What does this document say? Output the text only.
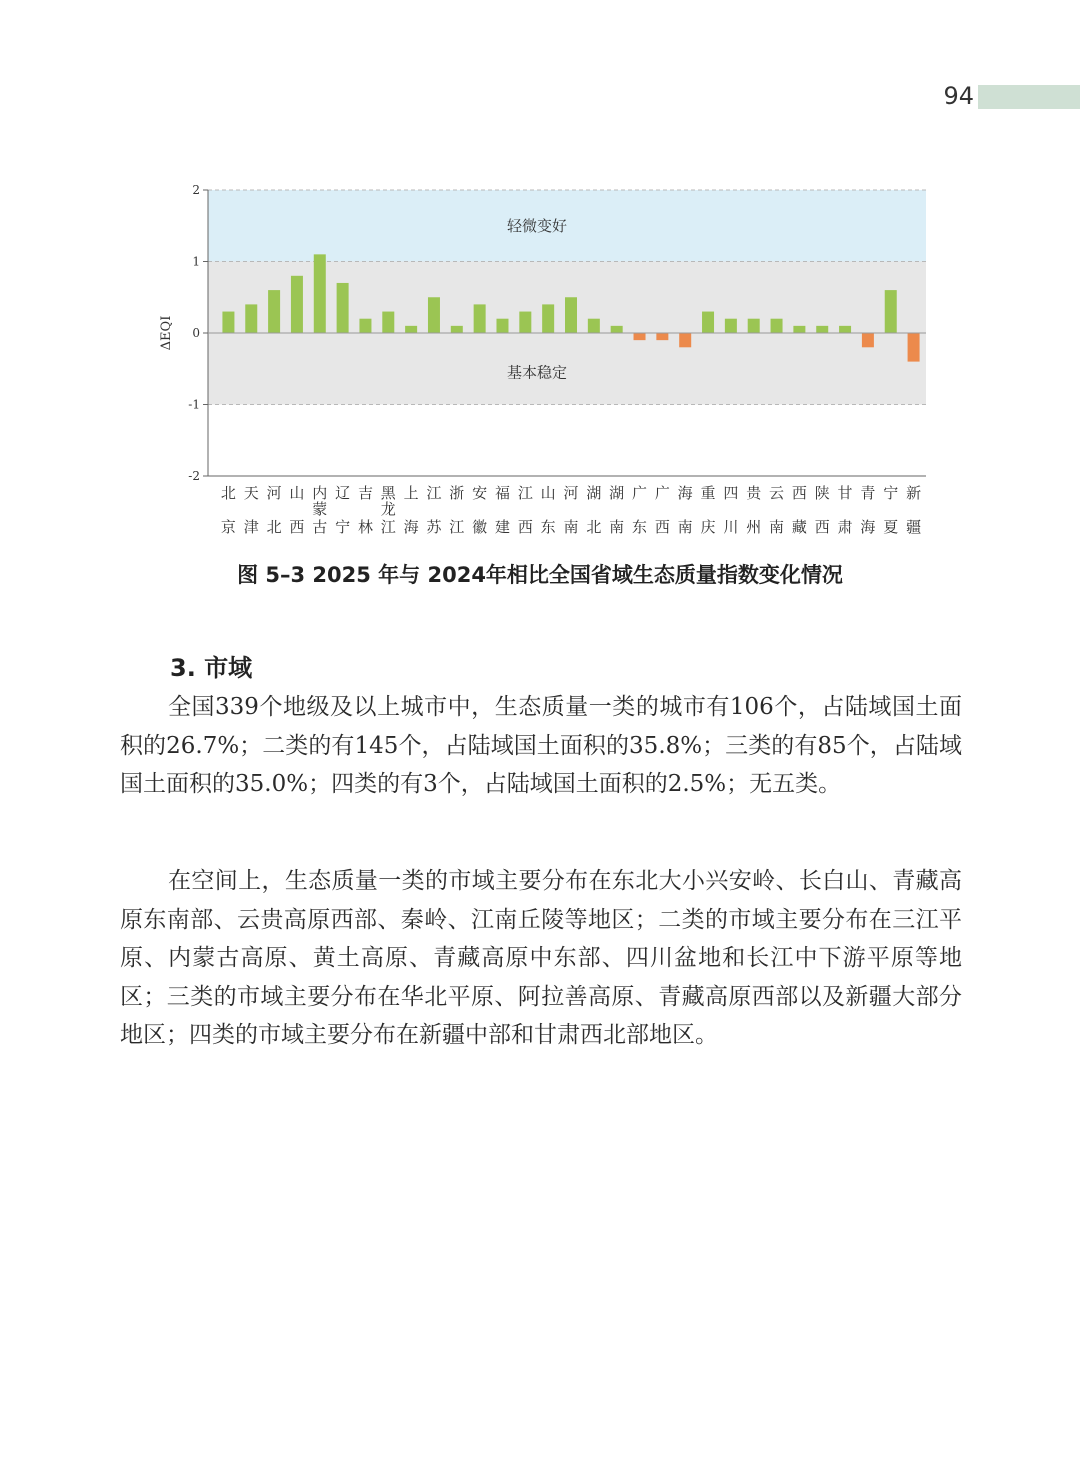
94
轻微变好
基本稳定
2
1
0
-1
-2
北
京
天
津
河
北
山
西
内
蒙
古
辽
宁
吉
林
黑
龙
江
上
海
江
苏
浙
江
安
徽
福
建
江
西
山
东
河
南
湖
北
湖
南
广
东
广
西
海
南
重
庆
四
川
贵
州
云
南
西
藏
陕
西
甘
肃
青
海
宁
夏
新
疆
ΔEQI
图 5–3 2025 年与 2024年相比全国省域生态质量指数变化情况
3. 市域
全国339个地级及以上城市中，生态质量一类的城市有106个，占陆域国土面积的26.7%；二类的有145个，占陆域国土面积的35.8%；三类的有85个，占陆域国土面积的35.0%；四类的有3个，占陆域国土面积的2.5%；无五类。
在空间上，生态质量一类的市域主要分布在东北大小兴安岭、长白山、青藏高原东南部、云贵高原西部、秦岭、江南丘陵等地区；二类的市域主要分布在三江平原、内蒙古高原、黄土高原、青藏高原中东部、四川盆地和长江中下游平原等地区；三类的市域主要分布在华北平原、阿拉善高原、青藏高原西部以及新疆大部分地区；四类的市域主要分布在新疆中部和甘肃西北部地区。
